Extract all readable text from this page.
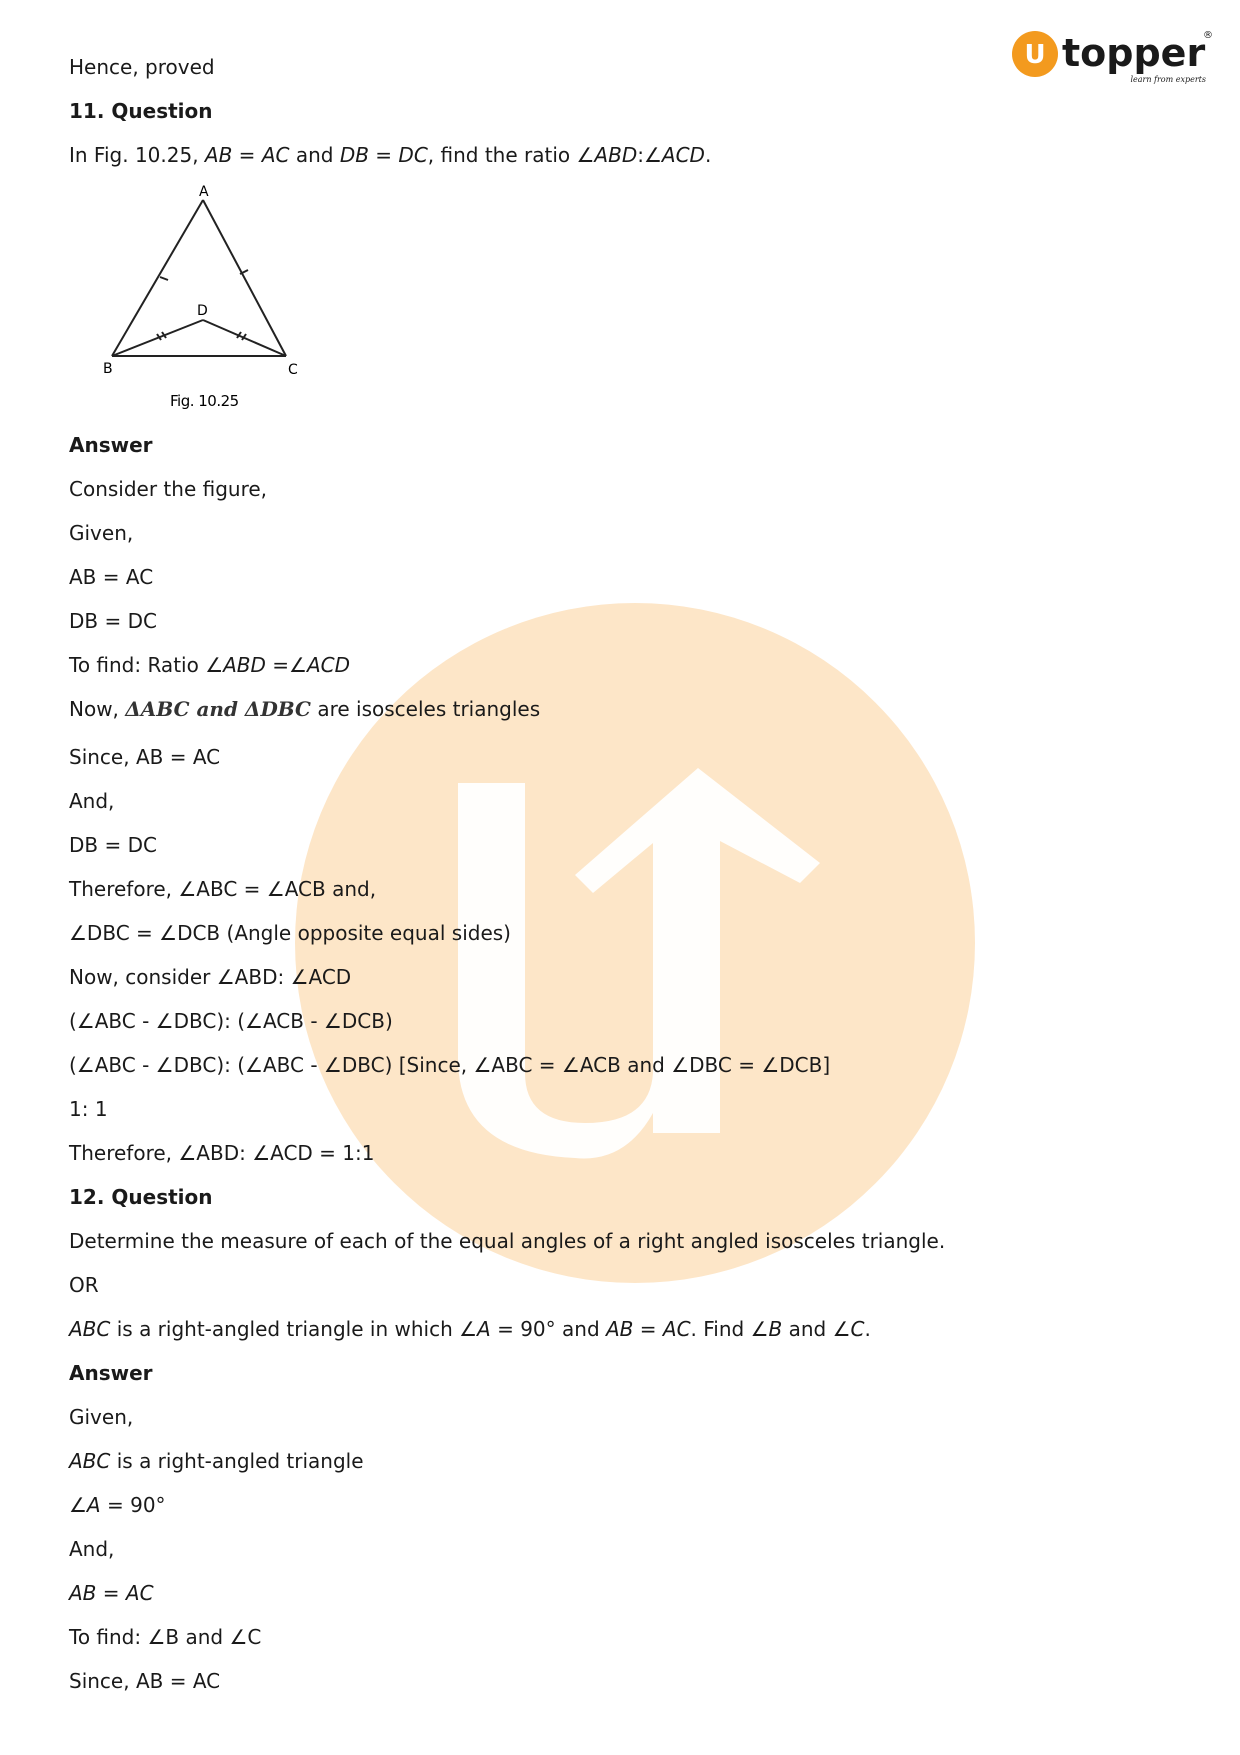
U topper
®
learn from experts
Hence, proved
11. Question
In Fig. 10.25, AB = AC and DB = DC, find the ratio ∠ABD:∠ACD.
A
D
B	C
Fig. 10.25
Answer
Consider the figure,
Given,
AB = AC
DB = DC
To find: Ratio ∠ABD =∠ACD
Now, ΔABC and ΔDBC are isosceles triangles
Since, AB = AC
And,
DB = DC
Therefore, ∠ABC = ∠ACB and,
∠DBC = ∠DCB (Angle opposite equal sides)
Now, consider ∠ABD: ∠ACD
(∠ABC - ∠DBC): (∠ACB - ∠DCB)
(∠ABC - ∠DBC): (∠ABC - ∠DBC) [Since, ∠ABC = ∠ACB and ∠DBC = ∠DCB]
1: 1
Therefore, ∠ABD: ∠ACD = 1:1
12. Question
Determine the measure of each of the equal angles of a right angled isosceles triangle.
OR
ABC is a right-angled triangle in which ∠A = 90° and AB = AC. Find ∠B and ∠C.
Answer
Given,
ABC is a right-angled triangle
∠A = 90°
And,
AB = AC
To find: ∠B and ∠C
Since, AB = AC
